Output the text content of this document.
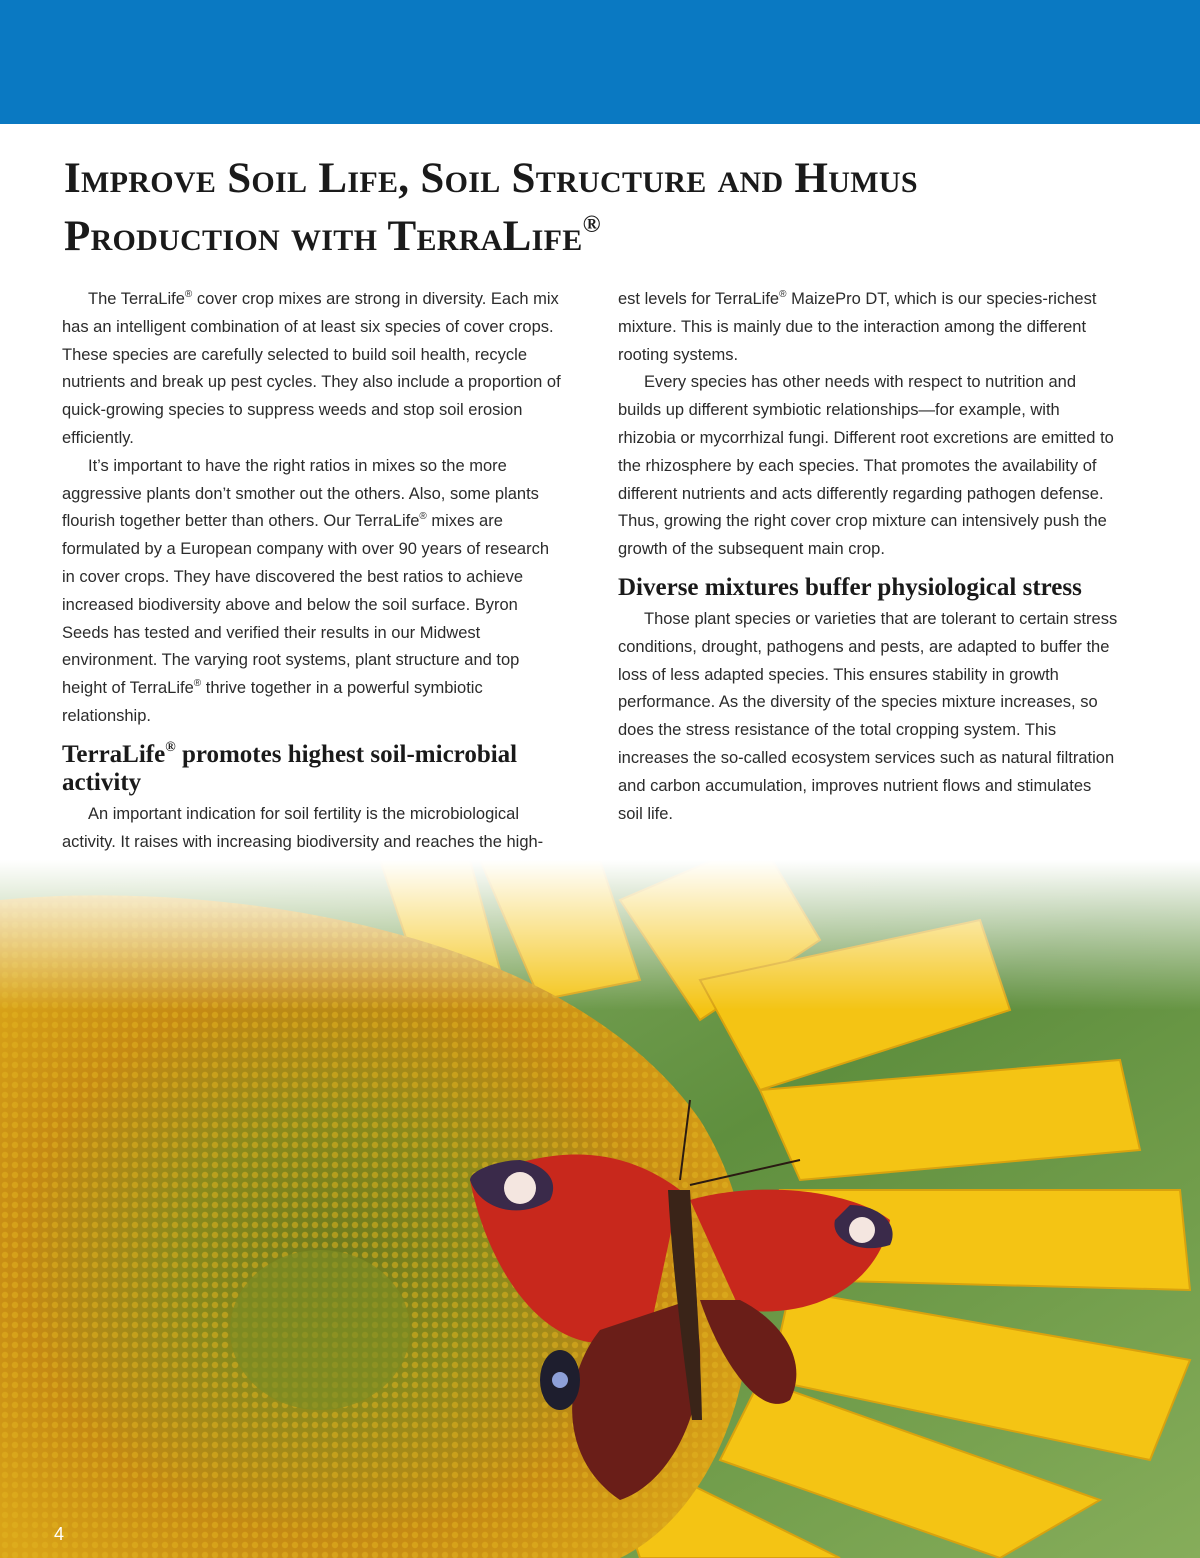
Improve Soil Life, Soil Structure and Humus
Production with TerraLife®

The TerraLife® cover crop mixes are strong in diversity. Each mix has an intelligent combination of at least six species of cover crops. These species are carefully selected to build soil health, recycle nutrients and break up pest cycles. They also include a proportion of quick-growing species to suppress weeds and stop soil erosion efficiently.

It’s important to have the right ratios in mixes so the more aggressive plants don’t smother out the others. Also, some plants flourish together better than others. Our TerraLife® mixes are formulated by a European company with over 90 years of research in cover crops. They have discovered the best ratios to achieve increased biodiversity above and below the soil surface. Byron Seeds has tested and verified their results in our Midwest environment. The varying root systems, plant structure and top height of TerraLife® thrive together in a powerful symbiotic relationship.

TerraLife® promotes highest soil-microbial activity

An important indication for soil fertility is the microbiological activity. It raises with increasing biodiversity and reaches the high-

est levels for TerraLife® MaizePro DT, which is our species-richest mixture. This is mainly due to the interaction among the different rooting systems.

Every species has other needs with respect to nutrition and builds up different symbiotic relationships—for example, with rhizobia or mycorrhizal fungi. Different root excretions are emitted to the rhizosphere by each species. That promotes the availability of different nutrients and acts differently regarding pathogen defense. Thus, growing the right cover crop mixture can intensively push the growth of the subsequent main crop.

Diverse mixtures buffer physiological stress

Those plant species or varieties that are tolerant to certain stress conditions, drought, pathogens and pests, are adapted to buffer the loss of less adapted species. This ensures stability in growth performance. As the diversity of the species mixture increases, so does the stress resistance of the total cropping system. This increases the so-called ecosystem services such as natural filtration and carbon accumulation, improves nutrient flows and stimulates soil life.

4
